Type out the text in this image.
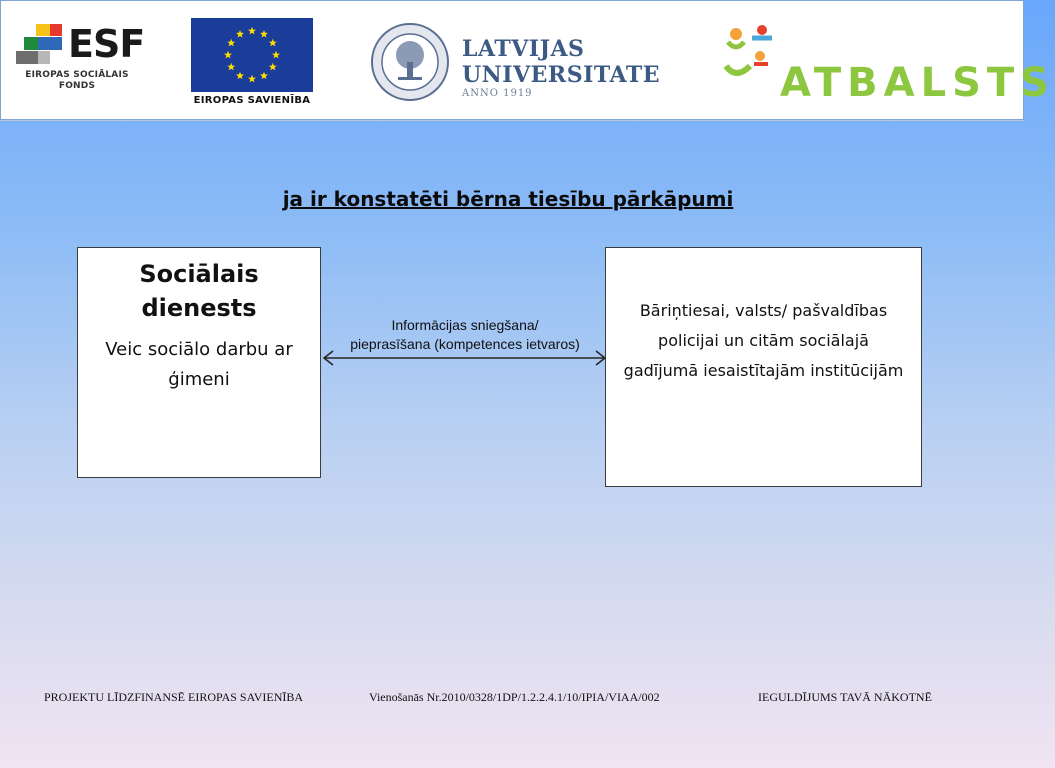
ESF
EIROPAS SOCIĀLAIS
FONDS
EIROPAS SAVIENĪBA
LATVIJAS
UNIVERSITATE
ANNO 1919	ATBALSTS
ja ir konstatēti bērna tiesību pārkāpumi
Sociālais
dienests
Veic sociālo darbu ar ģimeni
Informācijas sniegšana/
pieprasīšana (kompetences ietvaros)
Bāriņtiesai, valsts/ pašvaldības policijai un citām sociālajā gadījumā iesaistītajām institūcijām
PROJEKTU LĪDZFINANSĒ EIROPAS SAVIENĪBA	Vienošanās Nr.2010/0328/1DP/1.2.2.4.1/10/IPIA/VIAA/002	IEGULDĪJUMS TAVĀ NĀKOTNĒ
